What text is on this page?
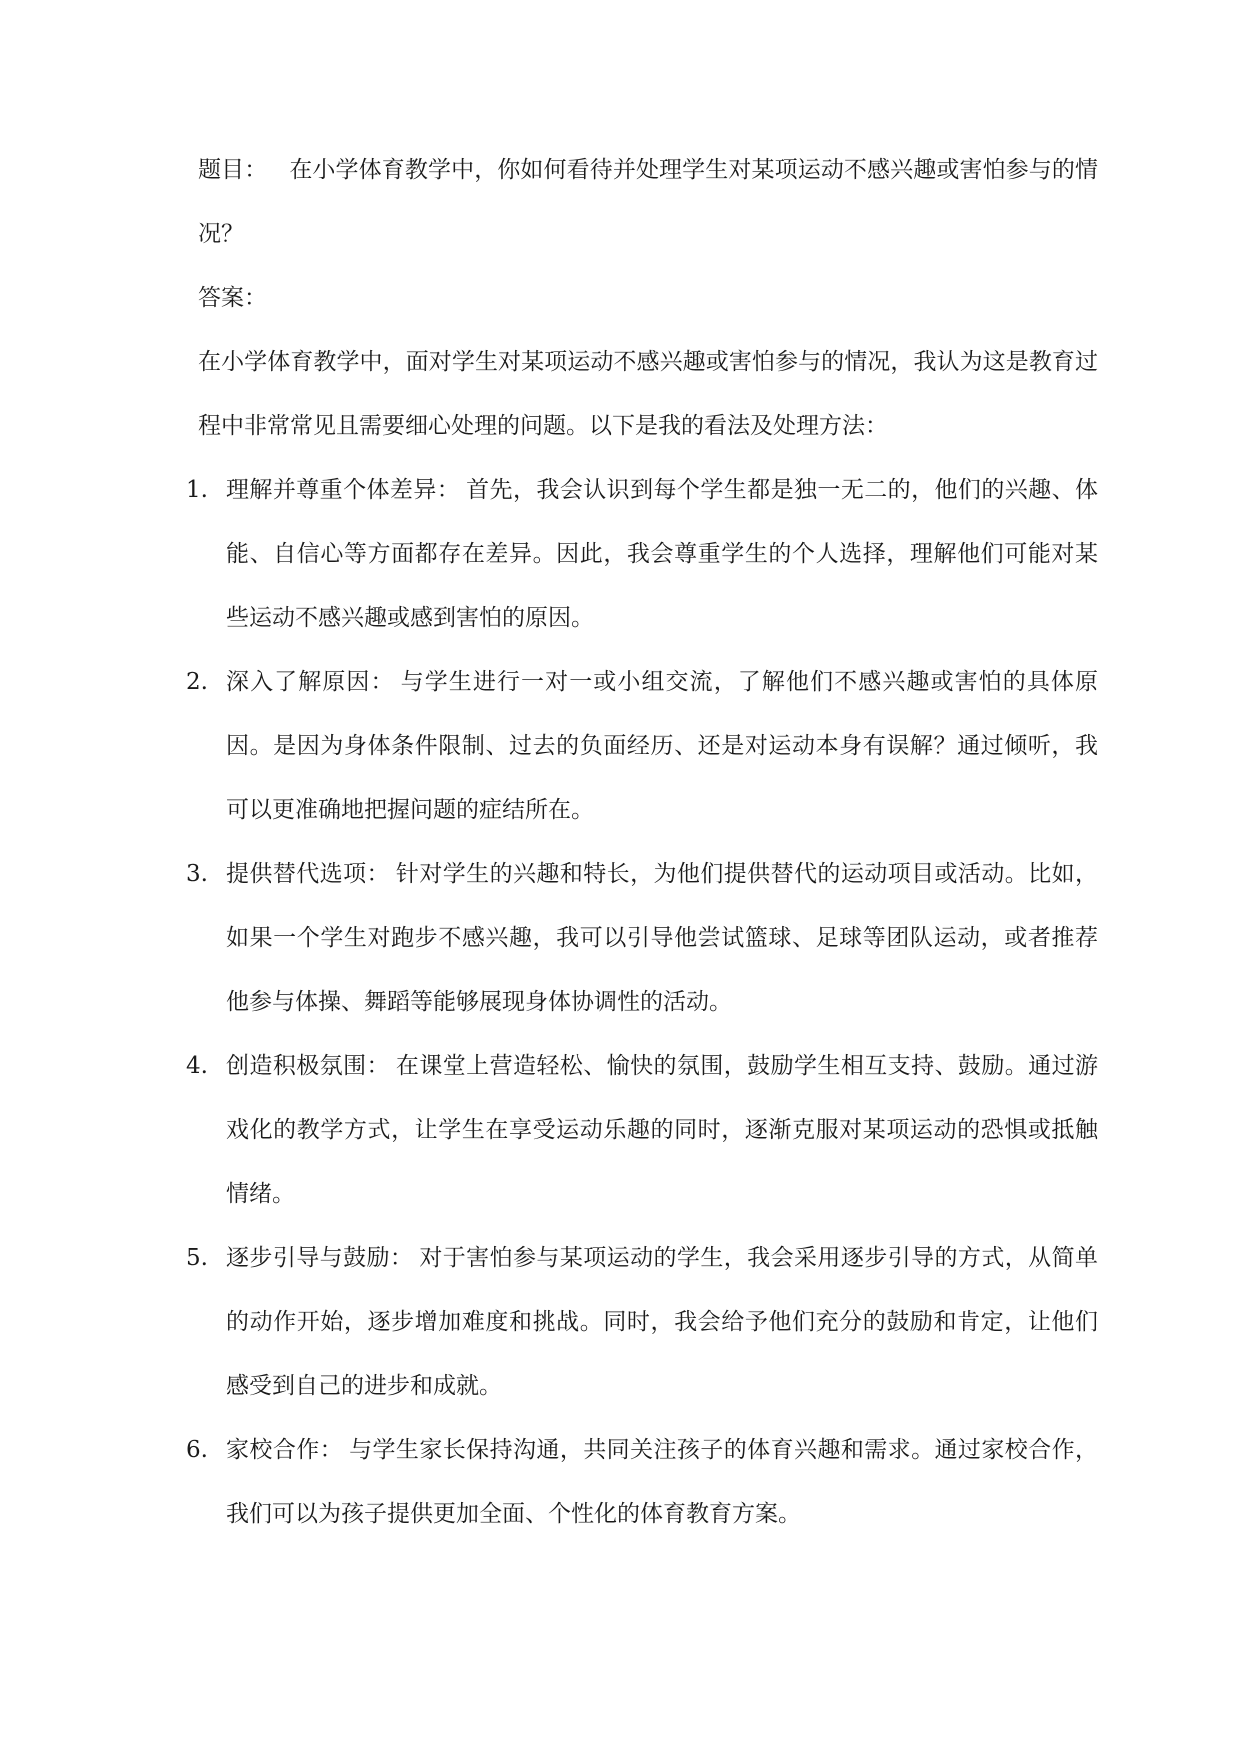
题目： 在小学体育教学中，你如何看待并处理学生对某项运动不感兴趣或害怕参与的情况？

答案：

在小学体育教学中，面对学生对某项运动不感兴趣或害怕参与的情况，我认为这是教育过程中非常常见且需要细心处理的问题。以下是我的看法及处理方法：

1. 理解并尊重个体差异： 首先，我会认识到每个学生都是独一无二的，他们的兴趣、体能、自信心等方面都存在差异。因此，我会尊重学生的个人选择，理解他们可能对某些运动不感兴趣或感到害怕的原因。
2. 深入了解原因： 与学生进行一对一或小组交流，了解他们不感兴趣或害怕的具体原因。是因为身体条件限制、过去的负面经历、还是对运动本身有误解？通过倾听，我可以更准确地把握问题的症结所在。
3. 提供替代选项： 针对学生的兴趣和特长，为他们提供替代的运动项目或活动。比如，如果一个学生对跑步不感兴趣，我可以引导他尝试篮球、足球等团队运动，或者推荐他参与体操、舞蹈等能够展现身体协调性的活动。
4. 创造积极氛围： 在课堂上营造轻松、愉快的氛围，鼓励学生相互支持、鼓励。通过游戏化的教学方式，让学生在享受运动乐趣的同时，逐渐克服对某项运动的恐惧或抵触情绪。
5. 逐步引导与鼓励： 对于害怕参与某项运动的学生，我会采用逐步引导的方式，从简单的动作开始，逐步增加难度和挑战。同时，我会给予他们充分的鼓励和肯定，让他们感受到自己的进步和成就。
6. 家校合作： 与学生家长保持沟通，共同关注孩子的体育兴趣和需求。通过家校合作，我们可以为孩子提供更加全面、个性化的体育教育方案。
